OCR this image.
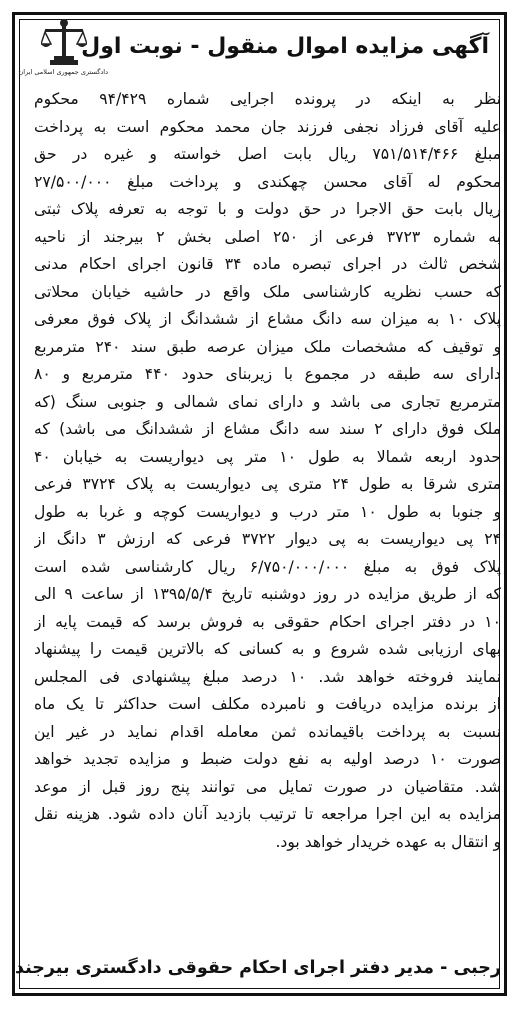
دادگستری جمهوری اسلامی ایران
آگهی مزایده اموال منقول - نوبت اول
نظر به اینکه در پرونده اجرایی شماره ۹۴/۴۲۹ محکوم
علیه آقای فرزاد نجفی فرزند جان محمد محکوم است به پرداخت
مبلغ ۷۵۱/۵۱۴/۴۶۶ ریال بابت اصل خواسته و غیره در حق
محکوم له آقای محسن چهکندی و پرداخت مبلغ ۲۷/۵۰۰/۰۰۰
ریال بابت حق الاجرا در حق دولت و با توجه به تعرفه پلاک ثبتی
به شماره ۳۷۲۳ فرعی از ۲۵۰ اصلی بخش ۲ بیرجند از ناحیه
شخص ثالث در اجرای تبصره ماده ۳۴ قانون اجرای احکام مدنی
که حسب نظریه کارشناسی ملک واقع در حاشیه خیابان محلاتی
پلاک ۱۰ به میزان سه دانگ مشاع از ششدانگ از پلاک فوق معرفی
و توقیف که مشخصات ملک میزان عرصه طبق سند ۲۴۰ مترمربع
دارای سه طبقه در مجموع با زیربنای حدود ۴۴۰ مترمربع و ۸۰
مترمربع تجاری می باشد و دارای نمای شمالی و جنوبی سنگ (که
ملک فوق دارای ۲ سند سه دانگ مشاع از ششدانگ می باشد) که
حدود اربعه شمالا به طول ۱۰ متر پی دیواریست به خیابان ۴۰
متری شرقا به طول ۲۴ متری پی دیواریست به پلاک ۳۷۲۴ فرعی
و جنوبا به طول ۱۰ متر درب و دیواریست کوچه و غربا به طول
۲۴ پی دیواریست به پی دیوار ۳۷۲۲ فرعی که ارزش ۳ دانگ از
پلاک فوق به مبلغ ۶/۷۵۰/۰۰۰/۰۰۰ ریال کارشناسی شده است
که از طریق مزایده در روز دوشنبه تاریخ ۱۳۹۵/۵/۴ از ساعت ۹ الی
۱۰ در دفتر اجرای احکام حقوقی به فروش برسد که قیمت پایه از
بهای ارزیابی شده شروع و به کسانی که بالاترین قیمت را پیشنهاد
نمایند فروخته خواهد شد. ۱۰ درصد مبلغ پیشنهادی فی المجلس
از برنده مزایده دریافت و نامبرده مکلف است حداکثر تا یک ماه
نسبت به پرداخت باقیمانده ثمن معامله اقدام نماید در غیر این
صورت ۱۰ درصد اولیه به نفع دولت ضبط و مزایده تجدید خواهد
شد. متقاضیان در صورت تمایل می توانند پنج روز قبل از موعد
مزایده به این اجرا مراجعه تا ترتیب بازدید آنان داده شود. هزینه نقل
و انتقال به عهده خریدار خواهد بود.
رجبی - مدیر دفتر اجرای احکام حقوقی دادگستری بیرجند
